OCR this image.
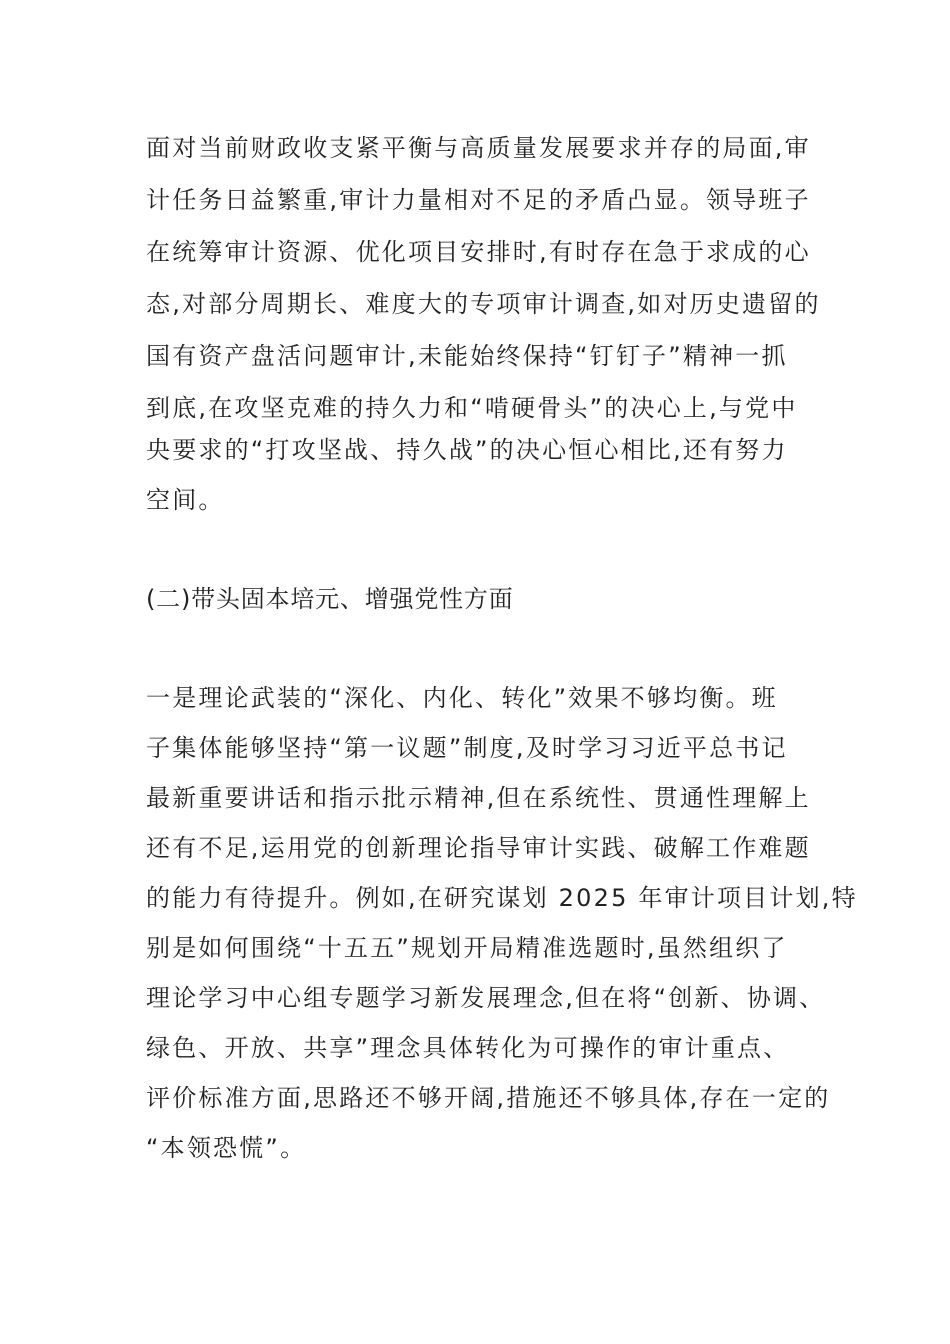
面对当前财政收支紧平衡与高质量发展要求并存的局面,审

计任务日益繁重,审计力量相对不足的矛盾凸显。领导班子

在统筹审计资源、优化项目安排时,有时存在急于求成的心

态,对部分周期长、难度大的专项审计调查,如对历史遗留的

国有资产盘活问题审计,未能始终保持“钉钉子”精神一抓

到底,在攻坚克难的持久力和“啃硬骨头”的决心上,与党中

央要求的“打攻坚战、持久战”的决心恒心相比,还有努力

空间。

(二)带头固本培元、增强党性方面

一是理论武装的“深化、内化、转化”效果不够均衡。班

子集体能够坚持“第一议题”制度,及时学习习近平总书记

最新重要讲话和指示批示精神,但在系统性、贯通性理解上

还有不足,运用党的创新理论指导审计实践、破解工作难题

的能力有待提升。例如,在研究谋划 2025 年审计项目计划,特

别是如何围绕“十五五”规划开局精准选题时,虽然组织了

理论学习中心组专题学习新发展理念,但在将“创新、协调、

绿色、开放、共享”理念具体转化为可操作的审计重点、

评价标准方面,思路还不够开阔,措施还不够具体,存在一定的

“本领恐慌”。
